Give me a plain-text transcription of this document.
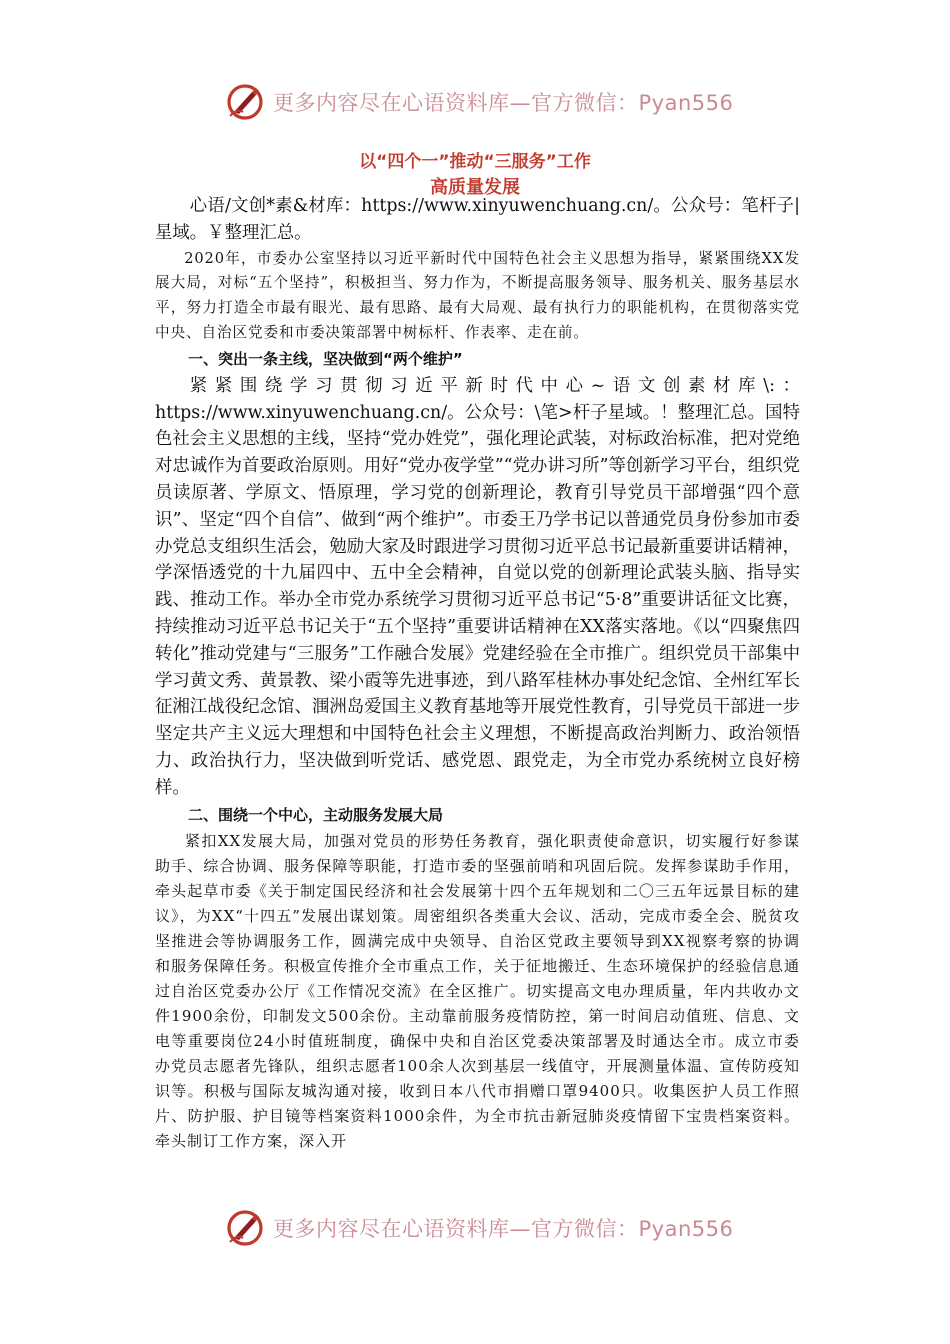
更多内容尽在心语资料库—官方微信：Pyan556
以“四个一”推动“三服务”工作
高质量发展

心语/文创*素&材库：https://www.xinyuwenchuang.cn/。公众号：笔杆子|星域。￥整理汇总。

2020年，市委办公室坚持以习近平新时代中国特色社会主义思想为指导，紧紧围绕XX发展大局，对标“五个坚持”，积极担当、努力作为，不断提高服务领导、服务机关、服务基层水平，努力打造全市最有眼光、最有思路、最有大局观、最有执行力的职能机构，在贯彻落实党中央、自治区党委和市委决策部署中树标杆、作表率、走在前。

一、突出一条主线，坚决做到“两个维护”

紧紧围绕学习贯彻习近平新时代中心~语文创素材库\:：https://www.xinyuwenchuang.cn/。公众号：\笔>杆子星域。！整理汇总。国特色社会主义思想的主线，坚持“党办姓党”，强化理论武装，对标政治标准，把对党绝对忠诚作为首要政治原则。用好“党办夜学堂”“党办讲习所”等创新学习平台，组织党员读原著、学原文、悟原理，学习党的创新理论，教育引导党员干部增强“四个意识”、坚定“四个自信”、做到“两个维护”。市委王乃学书记以普通党员身份参加市委办党总支组织生活会，勉励大家及时跟进学习贯彻习近平总书记最新重要讲话精神，学深悟透党的十九届四中、五中全会精神，自觉以党的创新理论武装头脑、指导实践、推动工作。举办全市党办系统学习贯彻习近平总书记“5·8”重要讲话征文比赛，持续推动习近平总书记关于“五个坚持”重要讲话精神在XX落实落地。《以“四聚焦四转化”推动党建与“三服务”工作融合发展》党建经验在全市推广。组织党员干部集中学习黄文秀、黄景教、梁小霞等先进事迹，到八路军桂林办事处纪念馆、全州红军长征湘江战役纪念馆、涠洲岛爱国主义教育基地等开展党性教育，引导党员干部进一步坚定共产主义远大理想和中国特色社会主义理想，不断提高政治判断力、政治领悟力、政治执行力，坚决做到听党话、感党恩、跟党走，为全市党办系统树立良好榜样。

二、围绕一个中心，主动服务发展大局

紧扣XX发展大局，加强对党员的形势任务教育，强化职责使命意识，切实履行好参谋助手、综合协调、服务保障等职能，打造市委的坚强前哨和巩固后院。发挥参谋助手作用，牵头起草市委《关于制定国民经济和社会发展第十四个五年规划和二〇三五年远景目标的建议》，为XX“十四五”发展出谋划策。周密组织各类重大会议、活动，完成市委全会、脱贫攻坚推进会等协调服务工作，圆满完成中央领导、自治区党政主要领导到XX视察考察的协调和服务保障任务。积极宣传推介全市重点工作，关于征地搬迁、生态环境保护的经验信息通过自治区党委办公厅《工作情况交流》在全区推广。切实提高文电办理质量，年内共收办文件1900余份，印制发文500余份。主动靠前服务疫情防控，第一时间启动值班、信息、文电等重要岗位24小时值班制度，确保中央和自治区党委决策部署及时通达全市。成立市委办党员志愿者先锋队，组织志愿者100余人次到基层一线值守，开展测量体温、宣传防疫知识等。积极与国际友城沟通对接，收到日本八代市捐赠口罩9400只。收集医护人员工作照片、防护服、护目镜等档案资料1000余件，为全市抗击新冠肺炎疫情留下宝贵档案资料。牵头制订工作方案，深入开

更多内容尽在心语资料库—官方微信：Pyan556
